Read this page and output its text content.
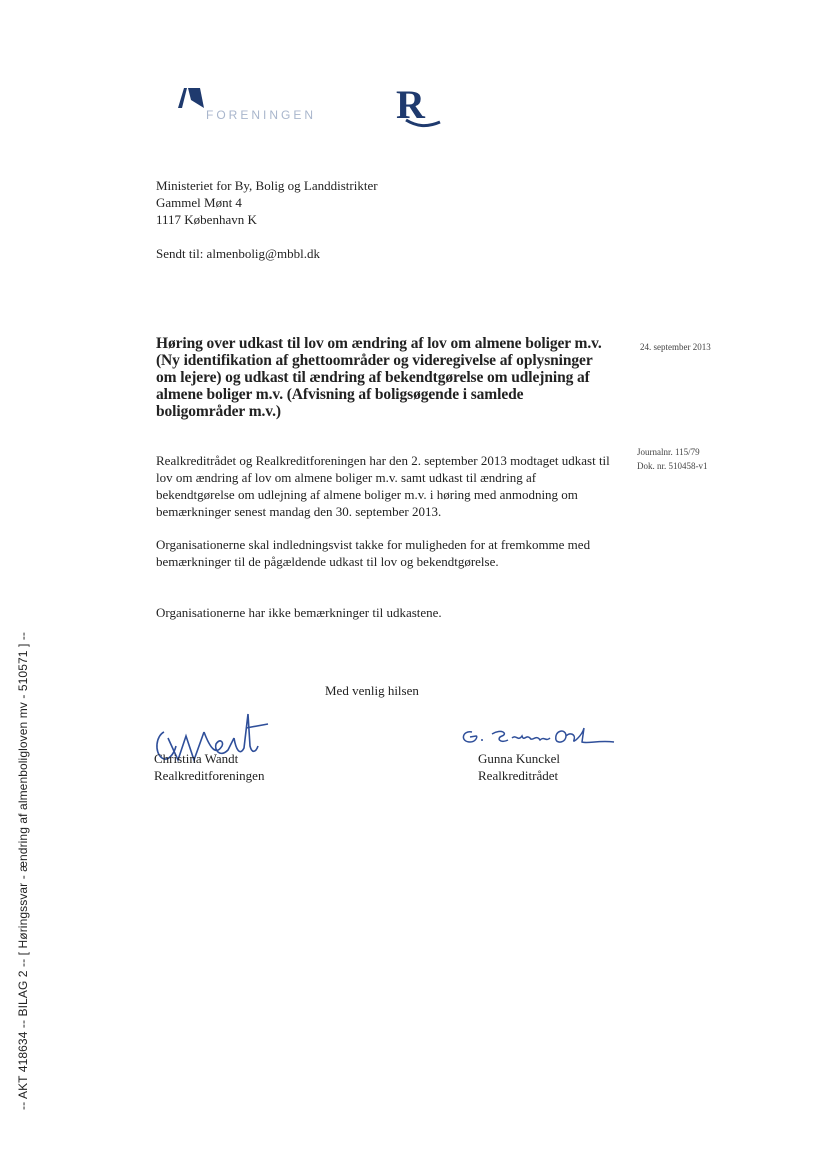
FORENINGEN R
Ministeriet for By, Bolig og Landdistrikter
Gammel Mønt 4
1117 København K
Sendt til: almenbolig@mbbl.dk
Høring over udkast til lov om ændring af lov om almene boliger m.v. (Ny identifikation af ghettoområder og videregivelse af oplysninger om lejere) og udkast til ændring af bekendtgørelse om udlejning af almene boliger m.v. (Afvisning af boligsøgende i samlede boligområder m.v.)
24. september 2013
Journalnr. 115/79
Dok. nr. 510458-v1
Realkreditrådet og Realkreditforeningen har den 2. september 2013 modtaget udkast til lov om ændring af lov om almene boliger m.v. samt udkast til ændring af bekendtgørelse om udlejning af almene boliger m.v. i høring med anmodning om bemærkninger senest mandag den 30. september 2013.
Organisationerne skal indledningsvist takke for muligheden for at fremkomme med bemærkninger til de pågældende udkast til lov og bekendtgørelse.
Organisationerne har ikke bemærkninger til udkastene.
Med venlig hilsen
Christina Wandt
Realkreditforeningen
Gunna Kunckel
Realkreditrådet
-- AKT 418634 -- BILAG 2 -- [ Høringssvar - ændring af almenboligloven mv - 510571 ] --
